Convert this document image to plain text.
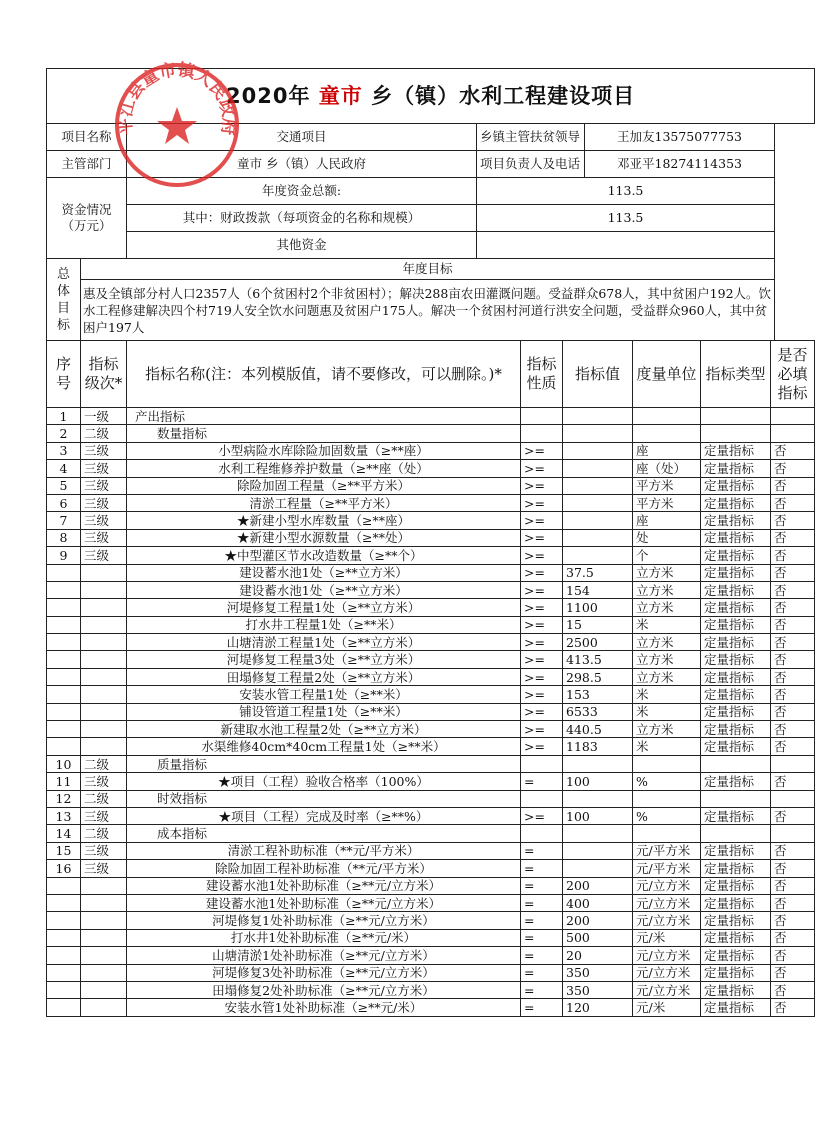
2020年 童市 乡（镇）水利工程建设项目
项目名称	交通项目	乡镇主管扶贫领导	王加友13575077753
主管部门	童市 乡（镇）人民政府	项目负责人及电话	邓亚平18274114353
资金情况（万元）	年度资金总额:	113.5
	其中：财政拨款（每项资金的名称和规模）	113.5
	其他资金	
总体目标	年度目标
惠及全镇部分村人口2357人（6个贫困村2个非贫困村）；解决288亩农田灌溉问题。受益群众678人，其中贫困户192人。饮水工程修建解决四个村719人安全饮水问题惠及贫困户175人。解决一个贫困村河道行洪安全问题，受益群众960人，其中贫困户197人
序号	指标级次*	指标名称(注：本列模版值，请不要修改，可以删除。)*	指标性质	指标值	度量单位	指标类型	是否必填指标
1	一级	产出指标					
2	二级	数量指标					
3	三级	小型病险水库除险加固数量（≥**座）	>=		座	定量指标	否
4	三级	水利工程维修养护数量（≥**座（处）	>=		座（处）	定量指标	否
5	三级	除险加固工程量（≥**平方米）	>=		平方米	定量指标	否
6	三级	清淤工程量（≥**平方米）	>=		平方米	定量指标	否
7	三级	★新建小型水库数量（≥**座）	>=		座	定量指标	否
8	三级	★新建小型水源数量（≥**处）	>=		处	定量指标	否
9	三级	★中型灌区节水改造数量（≥**个）	>=		个	定量指标	否
		建设蓄水池1处（≥**立方米）	>=	37.5	立方米	定量指标	否
		建设蓄水池1处（≥**立方米）	>=	154	立方米	定量指标	否
		河堤修复工程量1处（≥**立方米）	>=	1100	立方米	定量指标	否
		打水井工程量1处（≥**米）	>=	15	米	定量指标	否
		山塘清淤工程量1处（≥**立方米）	>=	2500	立方米	定量指标	否
		河堤修复工程量3处（≥**立方米）	>=	413.5	立方米	定量指标	否
		田塌修复工程量2处（≥**立方米）	>=	298.5	立方米	定量指标	否
		安装水管工程量1处（≥**米）	>=	153	米	定量指标	否
		铺设管道工程量1处（≥**米）	>=	6533	米	定量指标	否
		新建取水池工程量2处（≥**立方米）	>=	440.5	立方米	定量指标	否
		水渠维修40cm*40cm工程量1处（≥**米）	>=	1183	米	定量指标	否
10	二级	质量指标					
11	三级	★项目（工程）验收合格率（100%）	=	100	%	定量指标	否
12	二级	时效指标					
13	三级	★项目（工程）完成及时率（≥**%）	>=	100	%	定量指标	否
14	二级	成本指标					
15	三级	清淤工程补助标准（**元/平方米）	=		元/平方米	定量指标	否
16	三级	除险加固工程补助标准（**元/平方米）	=		元/平方米	定量指标	否
		建设蓄水池1处补助标准（≥**元/立方米）	=	200	元/立方米	定量指标	否
		建设蓄水池1处补助标准（≥**元/立方米）	=	400	元/立方米	定量指标	否
		河堤修复1处补助标准（≥**元/立方米）	=	200	元/立方米	定量指标	否
		打水井1处补助标准（≥**元/米）	=	500	元/米	定量指标	否
		山塘清淤1处补助标准（≥**元/立方米）	=	20	元/立方米	定量指标	否
		河堤修复3处补助标准（≥**元/立方米）	=	350	元/立方米	定量指标	否
		田塌修复2处补助标准（≥**元/立方米）	=	350	元/立方米	定量指标	否
		安装水管1处补助标准（≥**元/米）	=	120	元/米	定量指标	否
平江县童市镇人民政府
